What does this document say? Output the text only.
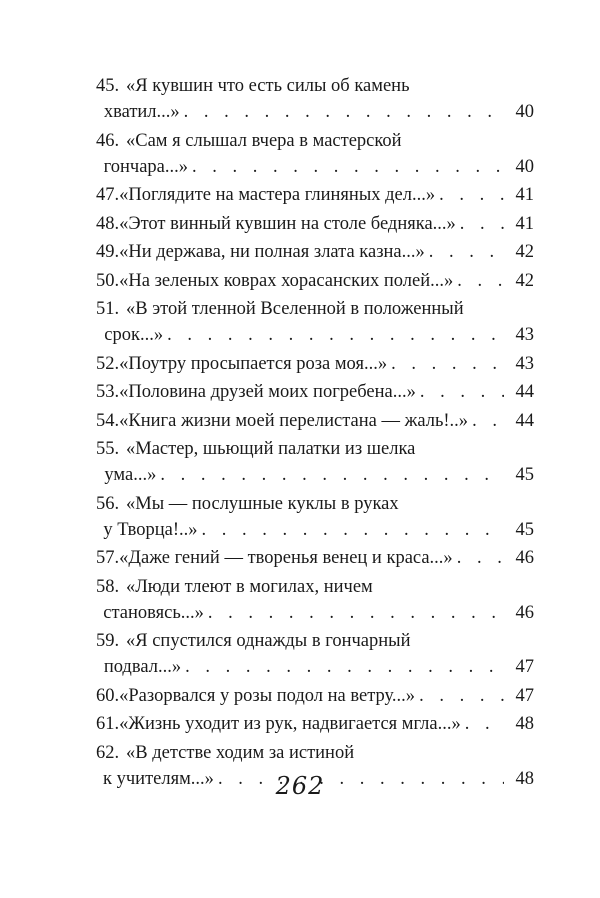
45. «Я кувшин что есть силы об камень
хватил...» . . .	40
46. «Сам я слышал вчера в мастерской
гончара...» . . .	40
47. «Поглядите на мастера глиняных дел...» . . .	41
48. «Этот винный кувшин на столе бедняка...» . . .	41
49. «Ни держава, ни полная злата казна...» . . .	42
50. «На зеленых коврах хорасанских полей...» . . .	42
51. «В этой тленной Вселенной в положенный
срок...» . . .	43
52. «Поутру просыпается роза моя...» . . .	43
53. «Половина друзей моих погребена...» . . .	44
54. «Книга жизни моей перелистана — жаль!..» . . .	44
55. «Мастер, шьющий палатки из шелка
ума...» . . .	45
56. «Мы — послушные куклы в руках
у Творца!..» . . .	45
57. «Даже гений — творенья венец и краса...» . . .	46
58. «Люди тлеют в могилах, ничем
становясь...» . . .	46
59. «Я спустился однажды в гончарный
подвал...» . . .	47
60. «Разорвался у розы подол на ветру...» . . .	47
61. «Жизнь уходит из рук, надвигается мгла...» . . .	48
62. «В детстве ходим за истиной
к учителям...» . . .	48
262
